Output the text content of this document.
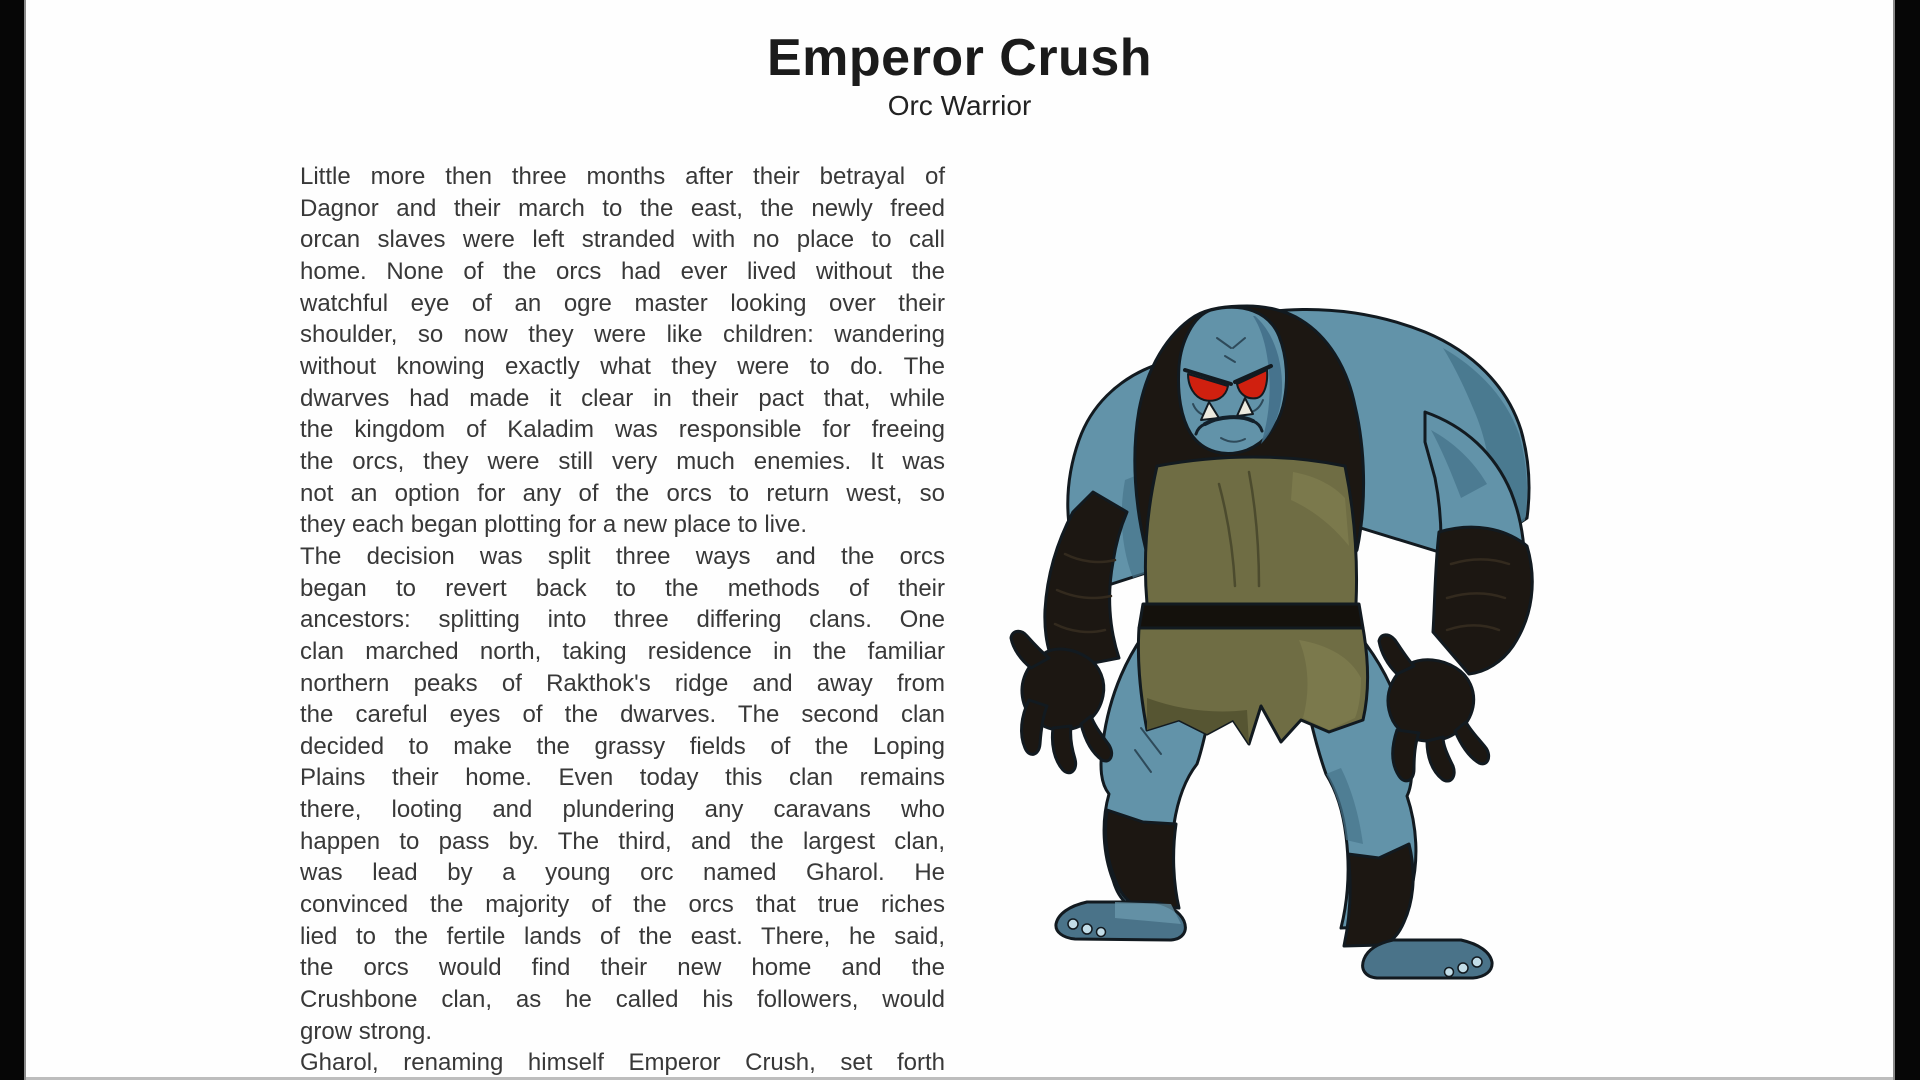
Emperor Crush
Orc Warrior
Little more then three months after their betrayal of
Dagnor and their march to the east, the newly freed
orcan slaves were left stranded with no place to call
home. None of the orcs had ever lived without the
watchful eye of an ogre master looking over their
shoulder, so now they were like children: wandering
without knowing exactly what they were to do. The
dwarves had made it clear in their pact that, while
the kingdom of Kaladim was responsible for freeing
the orcs, they were still very much enemies. It was
not an option for any of the orcs to return west, so
they each began plotting for a new place to live.
The decision was split three ways and the orcs
began to revert back to the methods of their
ancestors: splitting into three differing clans. One
clan marched north, taking residence in the familiar
northern peaks of Rakthok's ridge and away from
the careful eyes of the dwarves. The second clan
decided to make the grassy fields of the Loping
Plains their home. Even today this clan remains
there, looting and plundering any caravans who
happen to pass by. The third, and the largest clan,
was lead by a young orc named Gharol. He
convinced the majority of the orcs that true riches
lied to the fertile lands of the east. There, he said,
the orcs would find their new home and the
Crushbone clan, as he called his followers, would
grow strong.
Gharol, renaming himself Emperor Crush, set forth
